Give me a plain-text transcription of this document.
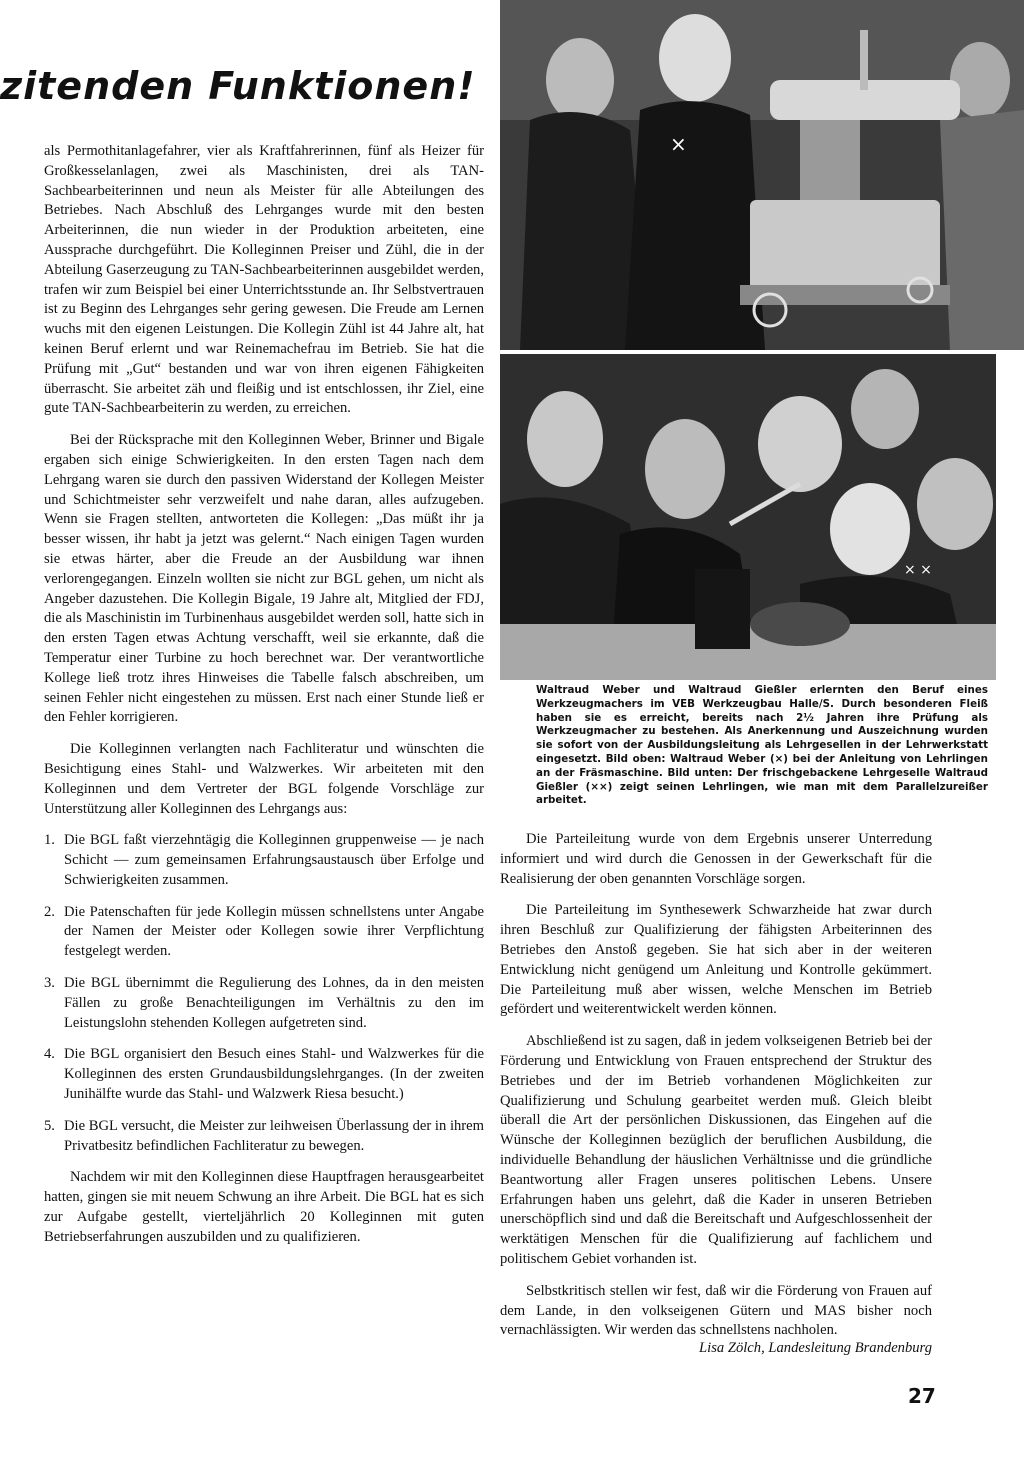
zitenden Funktionen!

als Permothitanlagefahrer, vier als Kraftfahrerinnen, fünf als Heizer für Großkesselanlagen, zwei als Maschinisten, drei als TAN-Sachbearbeiterinnen und neun als Meister für alle Abteilungen des Betriebes. Nach Abschluß des Lehrganges wurde mit den besten Arbeiterinnen, die nun wieder in der Produktion arbeiteten, eine Aussprache durchgeführt. Die Kolleginnen Preiser und Zühl, die in der Abteilung Gaserzeugung zu TAN-Sachbearbeiterinnen ausgebildet werden, trafen wir zum Beispiel bei einer Unterrichtsstunde an. Ihr Selbstvertrauen ist zu Beginn des Lehrganges sehr gering gewesen. Die Freude am Lernen wuchs mit den eigenen Leistungen. Die Kollegin Zühl ist 44 Jahre alt, hat keinen Beruf erlernt und war Reinemachefrau im Betrieb. Sie hat die Prüfung mit „Gut“ bestanden und war von ihren eigenen Fähigkeiten überrascht. Sie arbeitet zäh und fleißig und ist entschlossen, ihr Ziel, eine gute TAN-Sachbearbeiterin zu werden, zu erreichen.

Bei der Rücksprache mit den Kolleginnen Weber, Brinner und Bigale ergaben sich einige Schwierigkeiten. In den ersten Tagen nach dem Lehrgang waren sie durch den passiven Widerstand der Kollegen Meister und Schichtmeister sehr verzweifelt und nahe daran, alles aufzugeben. Wenn sie Fragen stellten, antworteten die Kollegen: „Das müßt ihr ja besser wissen, ihr habt ja jetzt was gelernt.“ Nach einigen Tagen wurden sie etwas härter, aber die Freude an der Ausbildung war ihnen verlorengegangen. Einzeln wollten sie nicht zur BGL gehen, um nicht als Angeber dazustehen. Die Kollegin Bigale, 19 Jahre alt, Mitglied der FDJ, die als Maschinistin im Turbinenhaus ausgebildet werden soll, hatte sich in den ersten Tagen etwas Achtung verschafft, weil sie erkannte, daß die Temperatur einer Turbine zu hoch berechnet war. Der verantwortliche Kollege ließ trotz ihres Hinweises die Tabelle falsch abschreiben, um seinen Fehler nicht eingestehen zu müssen. Erst nach einer Stunde ließ er den Fehler korrigieren.

Die Kolleginnen verlangten nach Fachliteratur und wünschten die Besichtigung eines Stahl- und Walzwerkes. Wir arbeiteten mit den Kolleginnen und dem Vertreter der BGL folgende Vorschläge zur Unterstützung aller Kolleginnen des Lehrgangs aus:

1. Die BGL faßt vierzehntägig die Kolleginnen gruppenweise — je nach Schicht — zum gemeinsamen Erfahrungsaustausch über Erfolge und Schwierigkeiten zusammen.
2. Die Patenschaften für jede Kollegin müssen schnellstens unter Angabe der Namen der Meister oder Kollegen sowie ihrer Verpflichtung festgelegt werden.
3. Die BGL übernimmt die Regulierung des Lohnes, da in den meisten Fällen zu große Benachteiligungen im Verhältnis zu den im Leistungslohn stehenden Kollegen aufgetreten sind.
4. Die BGL organisiert den Besuch eines Stahl- und Walzwerkes für die Kolleginnen des ersten Grundausbildungslehrganges. (In der zweiten Junihälfte wurde das Stahl- und Walzwerk Riesa besucht.)
5. Die BGL versucht, die Meister zur leihweisen Überlassung der in ihrem Privatbesitz befindlichen Fachliteratur zu bewegen.

Nachdem wir mit den Kolleginnen diese Hauptfragen herausgearbeitet hatten, gingen sie mit neuem Schwung an ihre Arbeit. Die BGL hat es sich zur Aufgabe gestellt, vierteljährlich 20 Kolleginnen mit guten Betriebserfahrungen auszubilden und zu qualifizieren.

×
× ×
Waltraud Weber und Waltraud Gießler erlernten den Beruf eines Werkzeugmachers im VEB Werkzeugbau Halle/S. Durch besonderen Fleiß haben sie es erreicht, bereits nach 2½ Jahren ihre Prüfung als Werkzeugmacher zu bestehen. Als Anerkennung und Auszeichnung wurden sie sofort von der Ausbildungsleitung als Lehrgesellen in der Lehrwerkstatt eingesetzt. Bild oben: Waltraud Weber (×) bei der Anleitung von Lehrlingen an der Fräsmaschine. Bild unten: Der frischgebackene Lehrgeselle Waltraud Gießler (××) zeigt seinen Lehrlingen, wie man mit dem Parallelzureißer arbeitet.

Die Parteileitung wurde von dem Ergebnis unserer Unterredung informiert und wird durch die Genossen in der Gewerkschaft für die Realisierung der oben genannten Vorschläge sorgen.

Die Parteileitung im Synthesewerk Schwarzheide hat zwar durch ihren Beschluß zur Qualifizierung der fähigsten Arbeiterinnen des Betriebes den Anstoß gegeben. Sie hat sich aber in der weiteren Entwicklung nicht genügend um Anleitung und Kontrolle gekümmert. Die Parteileitung muß aber wissen, welche Menschen im Betrieb gefördert und weiterentwickelt werden können.

Abschließend ist zu sagen, daß in jedem volkseigenen Betrieb bei der Förderung und Entwicklung von Frauen entsprechend der Struktur des Betriebes und der im Betrieb vorhandenen Möglichkeiten zur Qualifizierung und Schulung gearbeitet werden muß. Gleich bleibt überall die Art der persönlichen Diskussionen, das Eingehen auf die Wünsche der Kolleginnen bezüglich der beruflichen Ausbildung, die individuelle Behandlung der häuslichen Verhältnisse und die gründliche Beantwortung aller Fragen unseres politischen Lebens. Unsere Erfahrungen haben uns gelehrt, daß die Kader in unseren Betrieben unerschöpflich sind und daß die Bereitschaft und Aufgeschlossenheit der werktätigen Menschen für die Qualifizierung auf fachlichem und politischem Gebiet vorhanden ist.

Selbstkritisch stellen wir fest, daß wir die Förderung von Frauen auf dem Lande, in den volkseigenen Gütern und MAS bisher noch vernachlässigten. Wir werden das schnellstens nachholen.

Lisa Zölch, Landesleitung Brandenburg
27
